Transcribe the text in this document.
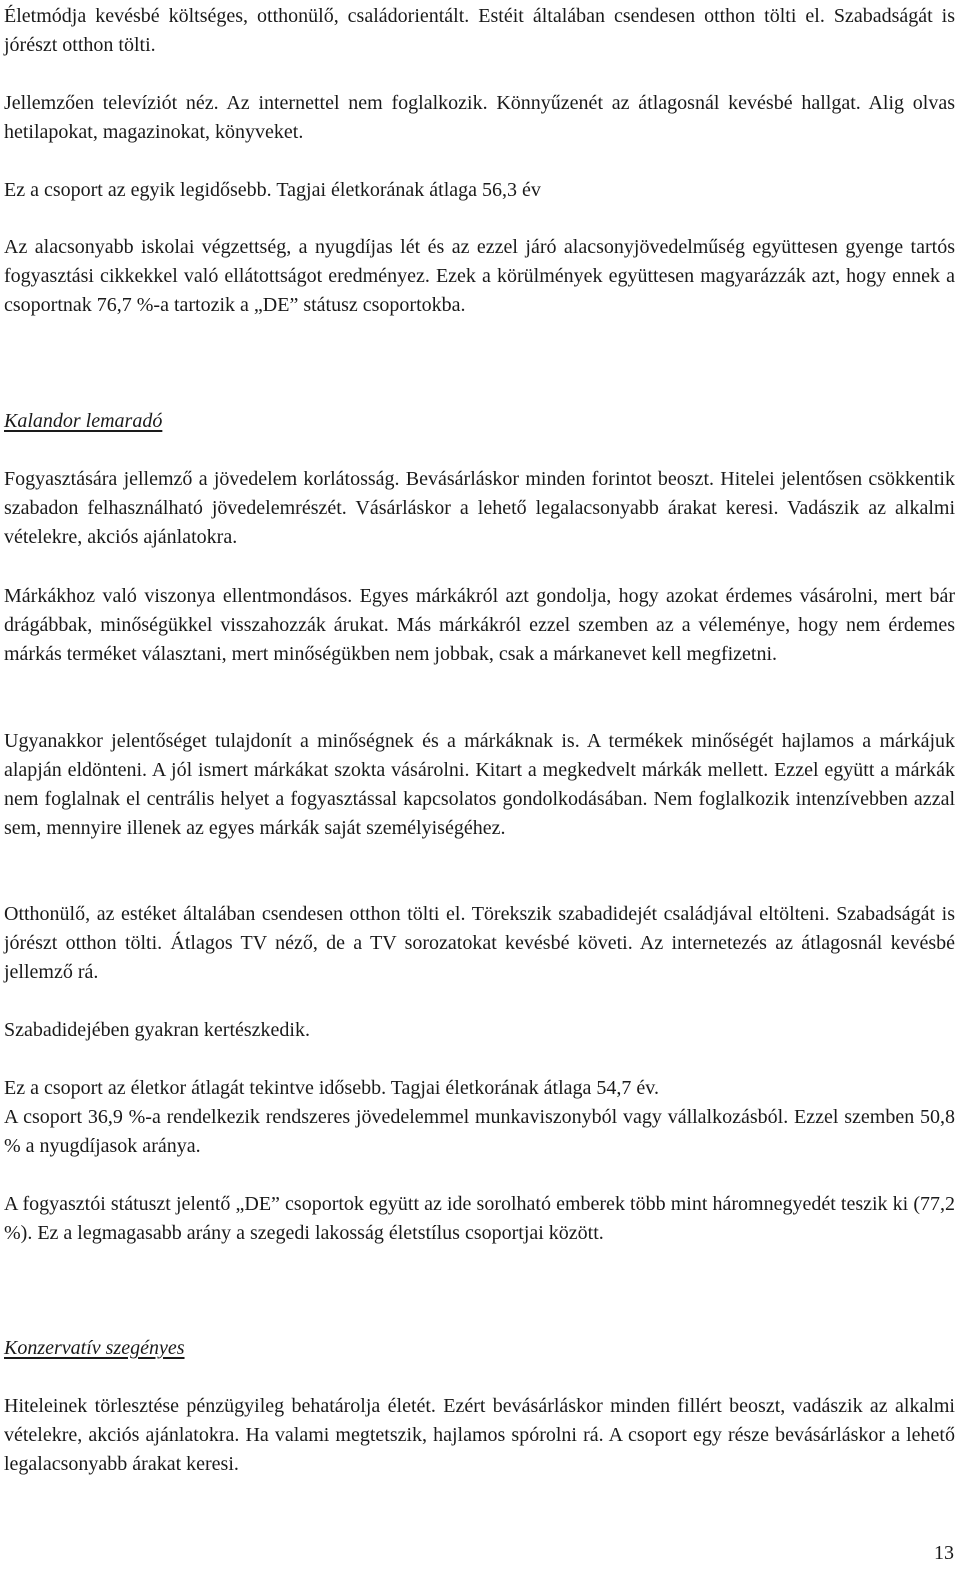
Életmódja kevésbé költséges, otthonülő, családorientált. Estéit általában csendesen otthon tölti el. Szabadságát is jórészt otthon tölti.

Jellemzően televíziót néz. Az internettel nem foglalkozik. Könnyűzenét az átlagosnál kevésbé hallgat. Alig olvas hetilapokat, magazinokat, könyveket.

Ez a csoport az egyik legidősebb. Tagjai életkorának átlaga 56,3 év

Az alacsonyabb iskolai végzettség, a nyugdíjas lét és az ezzel járó alacsonyjövedelműség együttesen gyenge tartós fogyasztási cikkekkel való ellátottságot eredményez. Ezek a körülmények együttesen magyarázzák azt, hogy ennek a csoportnak 76,7 %-a tartozik a „DE” státusz csoportokba.

Kalandor lemaradó

Fogyasztására jellemző a jövedelem korlátosság. Bevásárláskor minden forintot beoszt. Hitelei jelentősen csökkentik szabadon felhasználható jövedelemrészét. Vásárláskor a lehető legalacsonyabb árakat keresi. Vadászik az alkalmi vételekre, akciós ajánlatokra.

Márkákhoz való viszonya ellentmondásos. Egyes márkákról azt gondolja, hogy azokat érdemes vásárolni, mert bár drágábbak, minőségükkel visszahozzák árukat. Más márkákról ezzel szemben az a véleménye, hogy nem érdemes márkás terméket választani, mert minőségükben nem jobbak, csak a márkanevet kell megfizetni.

Ugyanakkor jelentőséget tulajdonít a minőségnek és a márkáknak is. A termékek minőségét hajlamos a márkájuk alapján eldönteni. A jól ismert márkákat szokta vásárolni. Kitart a megkedvelt márkák mellett. Ezzel együtt a márkák nem foglalnak el centrális helyet a fogyasztással kapcsolatos gondolkodásában. Nem foglalkozik intenzívebben azzal sem, mennyire illenek az egyes márkák saját személyiségéhez.

Otthonülő, az estéket általában csendesen otthon tölti el. Törekszik szabadidejét családjával eltölteni. Szabadságát is jórészt otthon tölti. Átlagos TV néző, de a TV sorozatokat kevésbé követi. Az internetezés az átlagosnál kevésbé jellemző rá.

Szabadidejében gyakran kertészkedik.

Ez a csoport az életkor átlagát tekintve idősebb. Tagjai életkorának átlaga 54,7 év.

A csoport 36,9 %-a rendelkezik rendszeres jövedelemmel munkaviszonyból vagy vállalkozásból. Ezzel szemben 50,8 % a nyugdíjasok aránya.

A fogyasztói státuszt jelentő „DE” csoportok együtt az ide sorolható emberek több mint háromnegyedét teszik ki (77,2 %). Ez a legmagasabb arány a szegedi lakosság életstílus csoportjai között.

Konzervatív szegényes

Hiteleinek törlesztése pénzügyileg behatárolja életét. Ezért bevásárláskor minden fillért beoszt, vadászik az alkalmi vételekre, akciós ajánlatokra. Ha valami megtetszik, hajlamos spórolni rá. A csoport egy része bevásárláskor a lehető legalacsonyabb árakat keresi.

13
